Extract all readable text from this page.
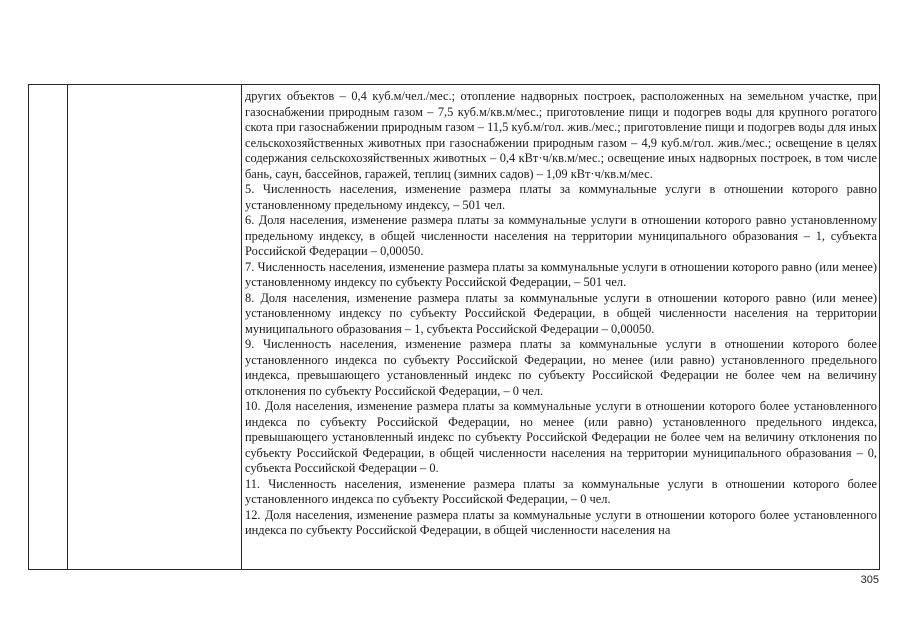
других объектов – 0,4 куб.м/чел./мес.; отопление надворных построек, расположенных на земельном участке, при газоснабжении природным газом – 7,5 куб.м/кв.м/мес.; приготовление пищи и подогрев воды для крупного рогатого скота при газоснабжении природным газом – 11,5 куб.м/гол. жив./мес.; приготовление пищи и подогрев воды для иных сельскохозяйственных животных при газоснабжении природным газом – 4,9 куб.м/гол. жив./мес.; освещение в целях содержания сельскохозяйственных животных – 0,4 кВт·ч/кв.м/мес.; освещение иных надворных построек, в том числе бань, саун, бассейнов, гаражей, теплиц (зимних садов) – 1,09 кВт·ч/кв.м/мес.

5. Численность населения, изменение размера платы за коммунальные услуги в отношении которого равно установленному предельному индексу, – 501 чел.

6. Доля населения, изменение размера платы за коммунальные услуги в отношении которого равно установленному предельному индексу, в общей численности населения на территории муниципального образования – 1, субъекта Российской Федерации – 0,00050.

7. Численность населения, изменение размера платы за коммунальные услуги в отношении которого равно (или менее) установленному индексу по субъекту Российской Федерации, – 501 чел.

8. Доля населения, изменение размера платы за коммунальные услуги в отношении которого равно (или менее) установленному индексу по субъекту Российской Федерации, в общей численности населения на территории муниципального образования – 1, субъекта Российской Федерации – 0,00050.

9. Численность населения, изменение размера платы за коммунальные услуги в отношении которого более установленного индекса по субъекту Российской Федерации, но менее (или равно) установленного предельного индекса, превышающего установленный индекс по субъекту Российской Федерации не более чем на величину отклонения по субъекту Российской Федерации, – 0 чел.

10. Доля населения, изменение размера платы за коммунальные услуги в отношении которого более установленного индекса по субъекту Российской Федерации, но менее (или равно) установленного предельного индекса, превышающего установленный индекс по субъекту Российской Федерации не более чем на величину отклонения по субъекту Российской Федерации, в общей численности населения на территории муниципального образования – 0, субъекта Российской Федерации – 0.

11. Численность населения, изменение размера платы за коммунальные услуги в отношении которого более установленного индекса по субъекту Российской Федерации, – 0 чел.

12. Доля населения, изменение размера платы за коммунальные услуги в отношении которого более установленного индекса по субъекту Российской Федерации, в общей численности населения на

305
